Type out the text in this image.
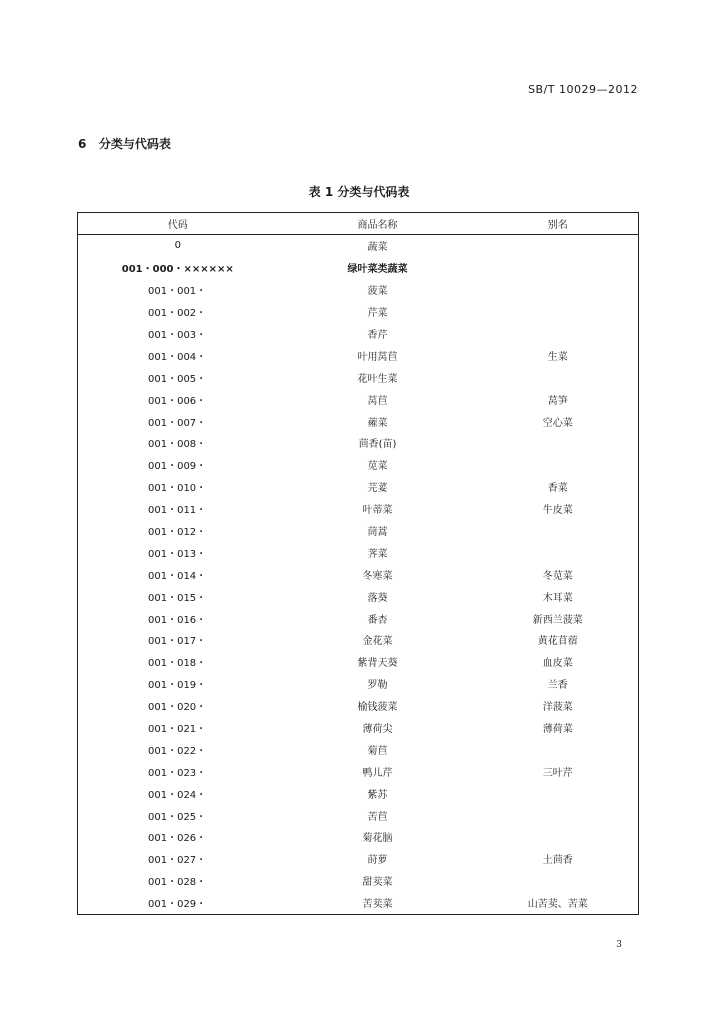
SB/T 10029—2012
6 分类与代码表
表 1 分类与代码表
代码	商品名称	别名
0	蔬菜	
001・000・××××××	绿叶菜类蔬菜	
001・001・	菠菜	
001・002・	芹菜	
001・003・	香芹	
001・004・	叶用莴苣	生菜
001・005・	花叶生菜	
001・006・	莴苣	莴笋
001・007・	蕹菜	空心菜
001・008・	茴香(苗)	
001・009・	苋菜	
001・010・	芫荽	香菜
001・011・	叶蒂菜	牛皮菜
001・012・	茼蒿	
001・013・	荠菜	
001・014・	冬寒菜	冬苋菜
001・015・	落葵	木耳菜
001・016・	番杏	新西兰菠菜
001・017・	金花菜	黄花苜蓿
001・018・	紫背天葵	血皮菜
001・019・	罗勒	兰香
001・020・	榆钱菠菜	洋菠菜
001・021・	薄荷尖	薄荷菜
001・022・	菊苣	
001・023・	鸭儿芹	三叶芹
001・024・	紫苏	
001・025・	苦苣	
001・026・	菊花脑	
001・027・	莳萝	土茴香
001・028・	甜荬菜	
001・029・	苦荬菜	山苦荬、苦菜
3
